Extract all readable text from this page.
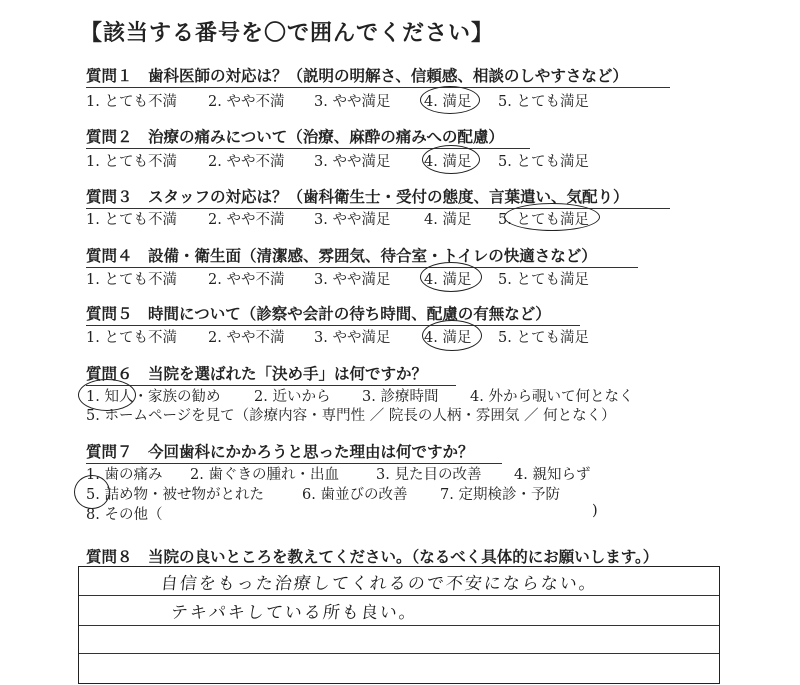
【該当する番号を〇で囲んでください】
質問１　歯科医師の対応は？（説明の明解さ、信頼感、相談のしやすさなど）
1. とても不満 2. やや不満 3. やや満足 4. 満足 5. とても満足
質問２　治療の痛みについて（治療、麻酔の痛みへの配慮）
1. とても不満 2. やや不満 3. やや満足 4. 満足 5. とても満足
質問３　スタッフの対応は？（歯科衛生士・受付の態度、言葉遣い、気配り）
1. とても不満 2. やや不満 3. やや満足 4. 満足 5. とても満足
質問４　設備・衛生面（清潔感、雰囲気、待合室・トイレの快適さなど）
1. とても不満 2. やや不満 3. やや満足 4. 満足 5. とても満足
質問５　時間について（診察や会計の待ち時間、配慮の有無など）
1. とても不満 2. やや不満 3. やや満足 4. 満足 5. とても満足
質問６　当院を選ばれた「決め手」は何ですか？
1. 知人・家族の勧め 2. 近いから 3. 診療時間 4. 外から覗いて何となく
5. ホームページを見て（診療内容・専門性 ／ 院長の人柄・雰囲気 ／ 何となく）
質問７　今回歯科にかかろうと思った理由は何ですか？
1. 歯の痛み 2. 歯ぐきの腫れ・出血	3. 見た目の改善 4. 親知らず
5. 詰め物・被せ物がとれた	6. 歯並びの改善 7. 定期検診・予防
8. その他（	)
質問８　当院の良いところを教えてください。（なるべく具体的にお願いします。）
自信をもった治療してくれるので不安にならない。
テキパキしている所も良い。
